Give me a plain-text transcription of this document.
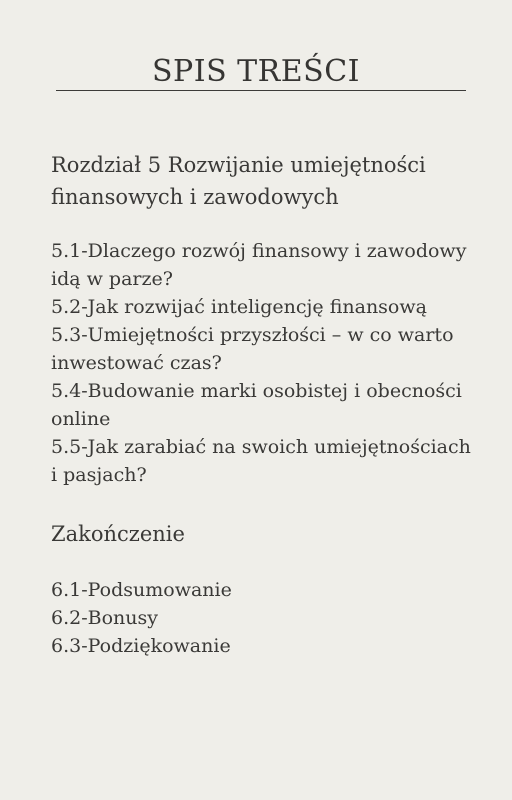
SPIS TREŚCI
Rozdział 5 Rozwijanie umiejętności finansowych i zawodowych
5.1-Dlaczego rozwój finansowy i zawodowy idą w parze?
5.2-Jak rozwijać inteligencję finansową
5.3-Umiejętności przyszłości – w co warto inwestować czas?
5.4-Budowanie marki osobistej i obecności online
5.5-Jak zarabiać na swoich umiejętnościach i pasjach?
Zakończenie
6.1-Podsumowanie
6.2-Bonusy
6.3-Podziękowanie
